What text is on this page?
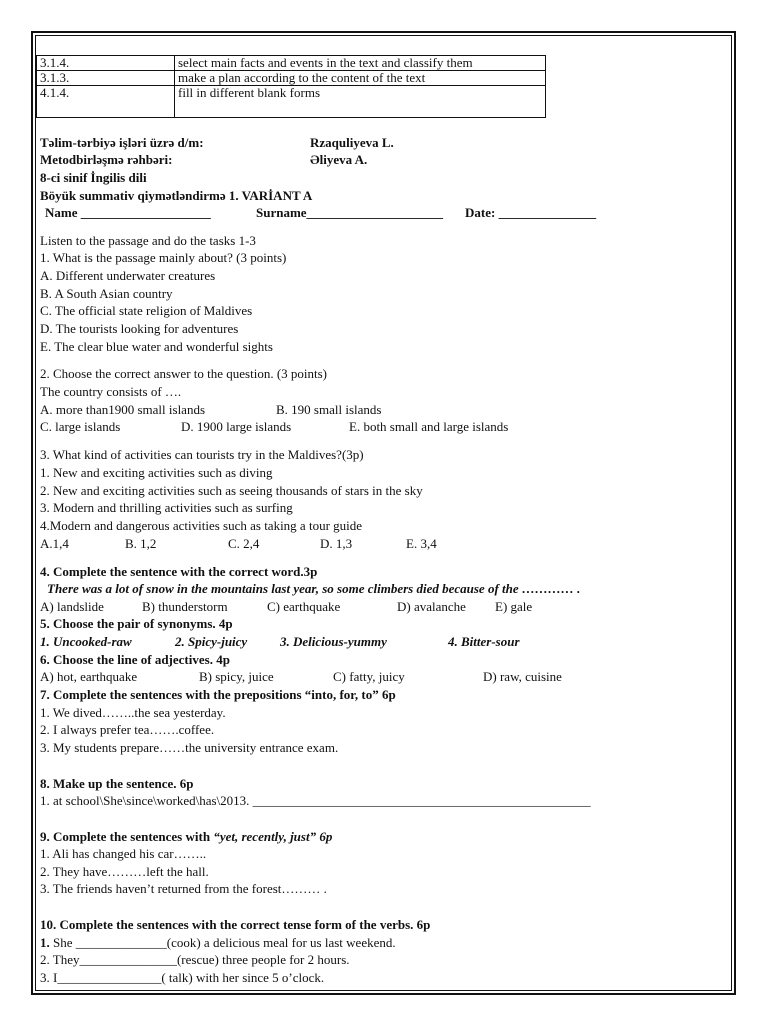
3.1.4.	select main facts and events in the text and classify them
3.1.3.	make a plan according to the content of the text
4.1.4.	fill in different blank forms
Təlim-tərbiyə işləri üzrə d/m:	Rzaquliyeva L.
Metodbirləşmə rəhbəri:	Əliyeva A.
8-ci sinif İngilis dili
Böyük summativ qiymətləndirmə 1. VARİANT A
Name ____________________	Surname_____________________ Date: _______________
Listen to the passage and do the tasks 1-3
1. What is the passage mainly about? (3 points)
A. Different underwater creatures
B. A South Asian country
C. The official state religion of Maldives
D. The tourists looking for adventures
E. The clear blue water and wonderful sights
2. Choose the correct answer to the question. (3 points)
The country consists of ….
A. more than1900 small islands	B. 190 small islands
C. large islands	D. 1900 large islands	E. both small and large islands
3. What kind of activities can tourists try in the Maldives?(3p)
1. New and exciting activities such as diving
2. New and exciting activities such as seeing thousands of stars in the sky
3. Modern and thrilling activities such as surfing
4.Modern and dangerous activities such as taking a tour guide
A.1,4	B. 1,2	C. 2,4	D. 1,3	E. 3,4
4. Complete the sentence with the correct word.3p
There was a lot of snow in the mountains last year, so some climbers died because of the ………… .
A) landslide	B) thunderstorm	C) earthquake	D) avalanche E) gale
5. Choose the pair of synonyms. 4p
1. Uncooked-raw	2. Spicy-juicy	3. Delicious-yummy	4. Bitter-sour
6. Choose the line of adjectives. 4p
A) hot, earthquake	B) spicy, juice	C) fatty, juicy	D) raw, cuisine
7. Complete the sentences with the prepositions “into, for, to” 6p
1. We dived……..the sea yesterday.
2. I always prefer tea…….coffee.
3. My students prepare……the university entrance exam.
8. Make up the sentence. 6p
1. at school\She\since\worked\has\2013. ____________________________________________________
9. Complete the sentences with “yet, recently, just” 6p
1. Ali has changed his car……..
2. They have………left the hall.
3. The friends haven’t returned from the forest……… .
10. Complete the sentences with the correct tense form of the verbs. 6p
1. She ______________(cook) a delicious meal for us last weekend.
2. They_______________(rescue) three people for 2 hours.
3. I________________( talk) with her since 5 o’clock.
